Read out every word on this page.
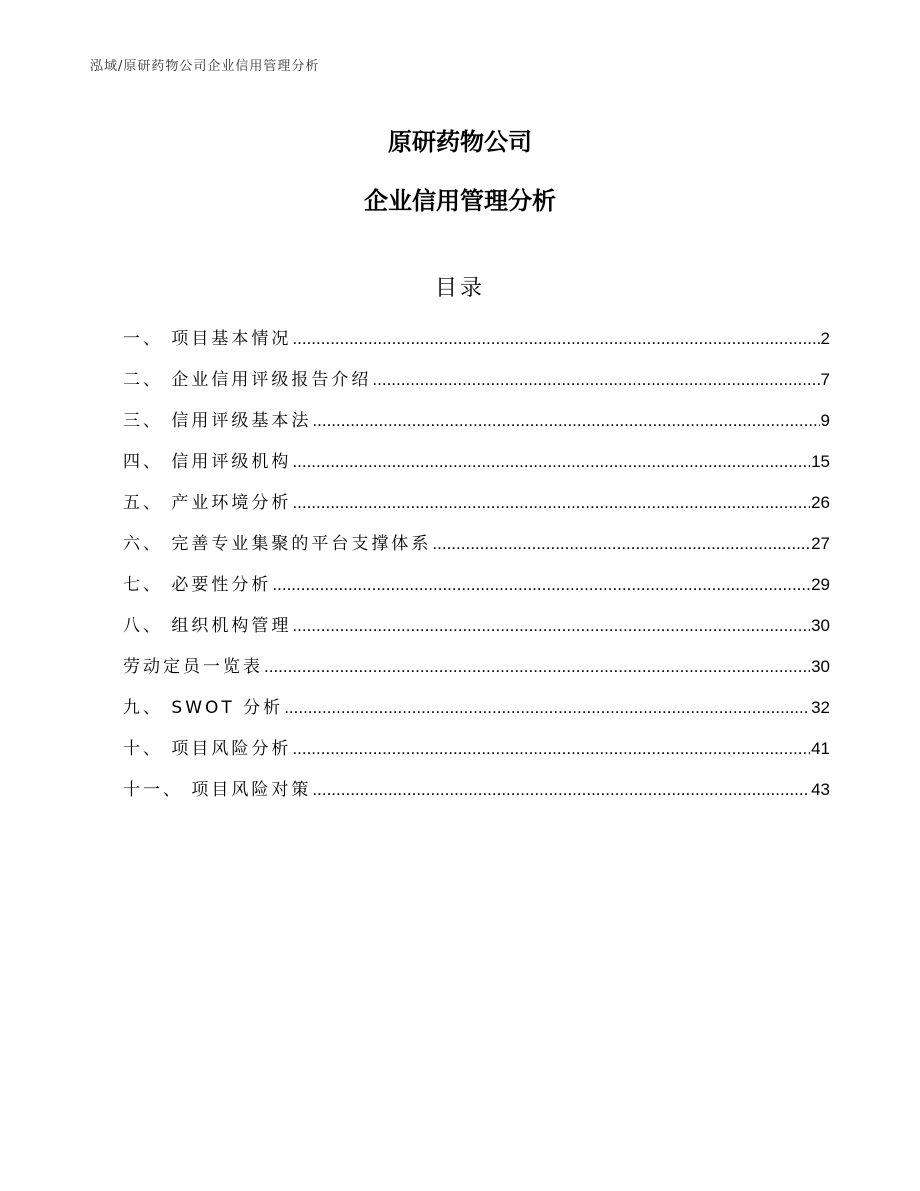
泓域/原研药物公司企业信用管理分析
原研药物公司
企业信用管理分析
目录
一、 项目基本情况 .....	2
二、 企业信用评级报告介绍 .....	7
三、 信用评级基本法 .....	9
四、 信用评级机构 .....	15
五、 产业环境分析 .....	26
六、 完善专业集聚的平台支撑体系 .....	27
七、 必要性分析 .....	29
八、 组织机构管理 .....	30
劳动定员一览表 .....	30
九、 SWOT 分析 .....	32
十、 项目风险分析 .....	41
十一、 项目风险对策 .....	43
